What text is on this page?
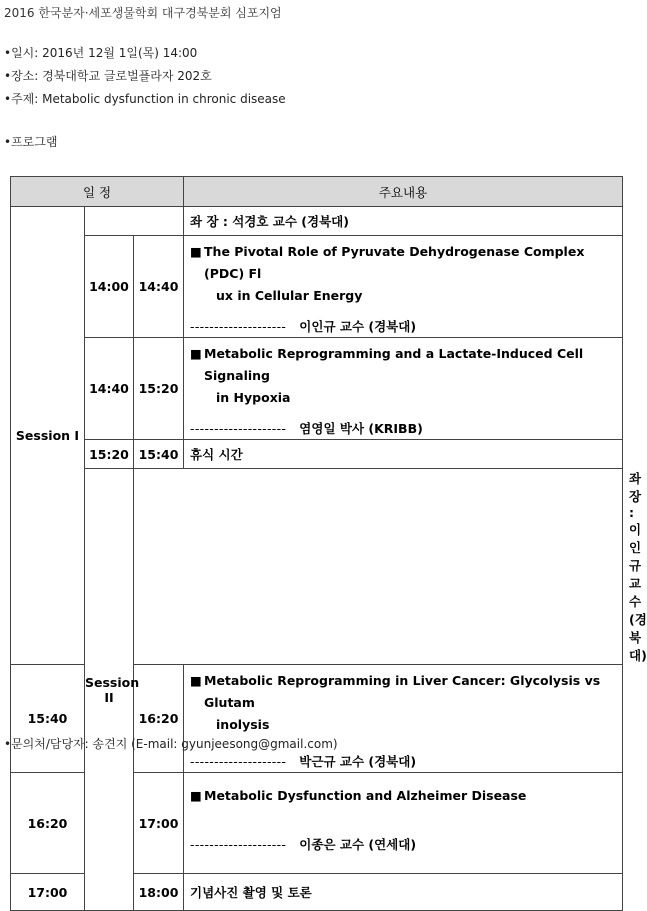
2016 한국분자·세포생물학회 대구경북분회 심포지엄
•일시: 2016년 12월 1일(목) 14:00
•장소: 경북대학교 글로벌플라자 202호
•주제: Metabolic dysfunction in chronic disease
•프로그램
일 정			주요내용	
Session I			좌 장 : 석경호 교수 (경북대)	
	14:00	14:40	■ The Pivotal Role of Pyruvate Dehydrogenase Complex (PDC) Fl
ux in Cellular Energy
-------------------- 이인규 교수 (경북대)	

	14:40	15:20	■ Metabolic Reprogramming and a Lactate-Induced Cell Signaling
in Hypoxia
-------------------- 염영일 박사 (KRIBB)	

	15:20	15:40	휴식 시간	
	Session II			좌 장 : 이인규 교수 (경북대)
15:40		16:20	■ Metabolic Reprogramming in Liver Cancer: Glycolysis vs Glutam
inolysis
-------------------- 박근규 교수 (경북대)	

16:20		17:00	■ Metabolic Dysfunction and Alzheimer Disease
-------------------- 이종은 교수 (연세대)	

17:00		18:00	기념사진 촬영 및 토론	
•문의처/담당자: 송견지 (E-mail: gyunjeesong@gmail.com)
